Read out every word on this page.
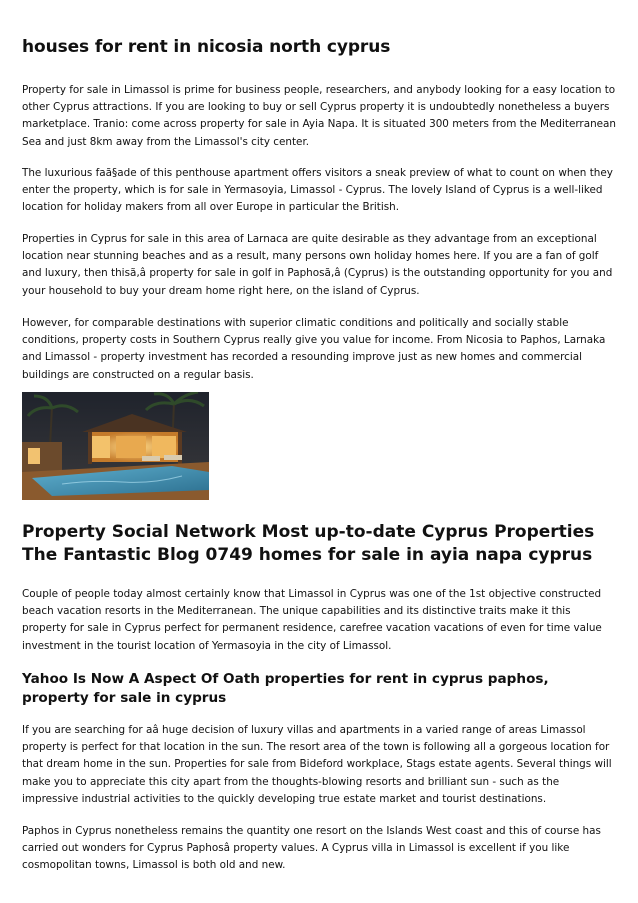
houses for rent in nicosia north cyprus

Property for sale in Limassol is prime for business people, researchers, and anybody looking for a easy location to other Cyprus attractions. If you are looking to buy or sell Cyprus property it is undoubtedly nonetheless a buyers marketplace. Tranio: come across property for sale in Ayia Napa. It is situated 300 meters from the Mediterranean Sea and just 8km away from the Limassol's city center.

The luxurious faã§ade of this penthouse apartment offers visitors a sneak preview of what to count on when they enter the property, which is for sale in Yermasoyia, Limassol - Cyprus. The lovely Island of Cyprus is a well-liked location for holiday makers from all over Europe in particular the British.

Properties in Cyprus for sale in this area of Larnaca are quite desirable as they advantage from an exceptional location near stunning beaches and as a result, many persons own holiday homes here. If you are a fan of golf and luxury, then thisã‚â property for sale in golf in Paphosã‚â (Cyprus) is the outstanding opportunity for you and your household to buy your dream home right here, on the island of Cyprus.

However, for comparable destinations with superior climatic conditions and politically and socially stable conditions, property costs in Southern Cyprus really give you value for income. From Nicosia to Paphos, Larnaka and Limassol - property investment has recorded a resounding improve just as new homes and commercial buildings are constructed on a regular basis.

Property Social Network Most up-to-date Cyprus Properties The Fantastic Blog 0749 homes for sale in ayia napa cyprus

Couple of people today almost certainly know that Limassol in Cyprus was one of the 1st objective constructed beach vacation resorts in the Mediterranean. The unique capabilities and its distinctive traits make it this property for sale in Cyprus perfect for permanent residence, carefree vacation vacations of even for time value investment in the tourist location of Yermasoyia in the city of Limassol.

Yahoo Is Now A Aspect Of Oath properties for rent in cyprus paphos, property for sale in cyprus

If you are searching for aâ huge decision of luxury villas and apartments in a varied range of areas Limassol property is perfect for that location in the sun. The resort area of the town is following all a gorgeous location for that dream home in the sun. Properties for sale from Bideford workplace, Stags estate agents. Several things will make you to appreciate this city apart from the thoughts-blowing resorts and brilliant sun - such as the impressive industrial activities to the quickly developing true estate market and tourist destinations.

Paphos in Cyprus nonetheless remains the quantity one resort on the Islands West coast and this of course has carried out wonders for Cyprus Paphosâ property values. A Cyprus villa in Limassol is excellent if you like cosmopolitan towns, Limassol is both old and new.
